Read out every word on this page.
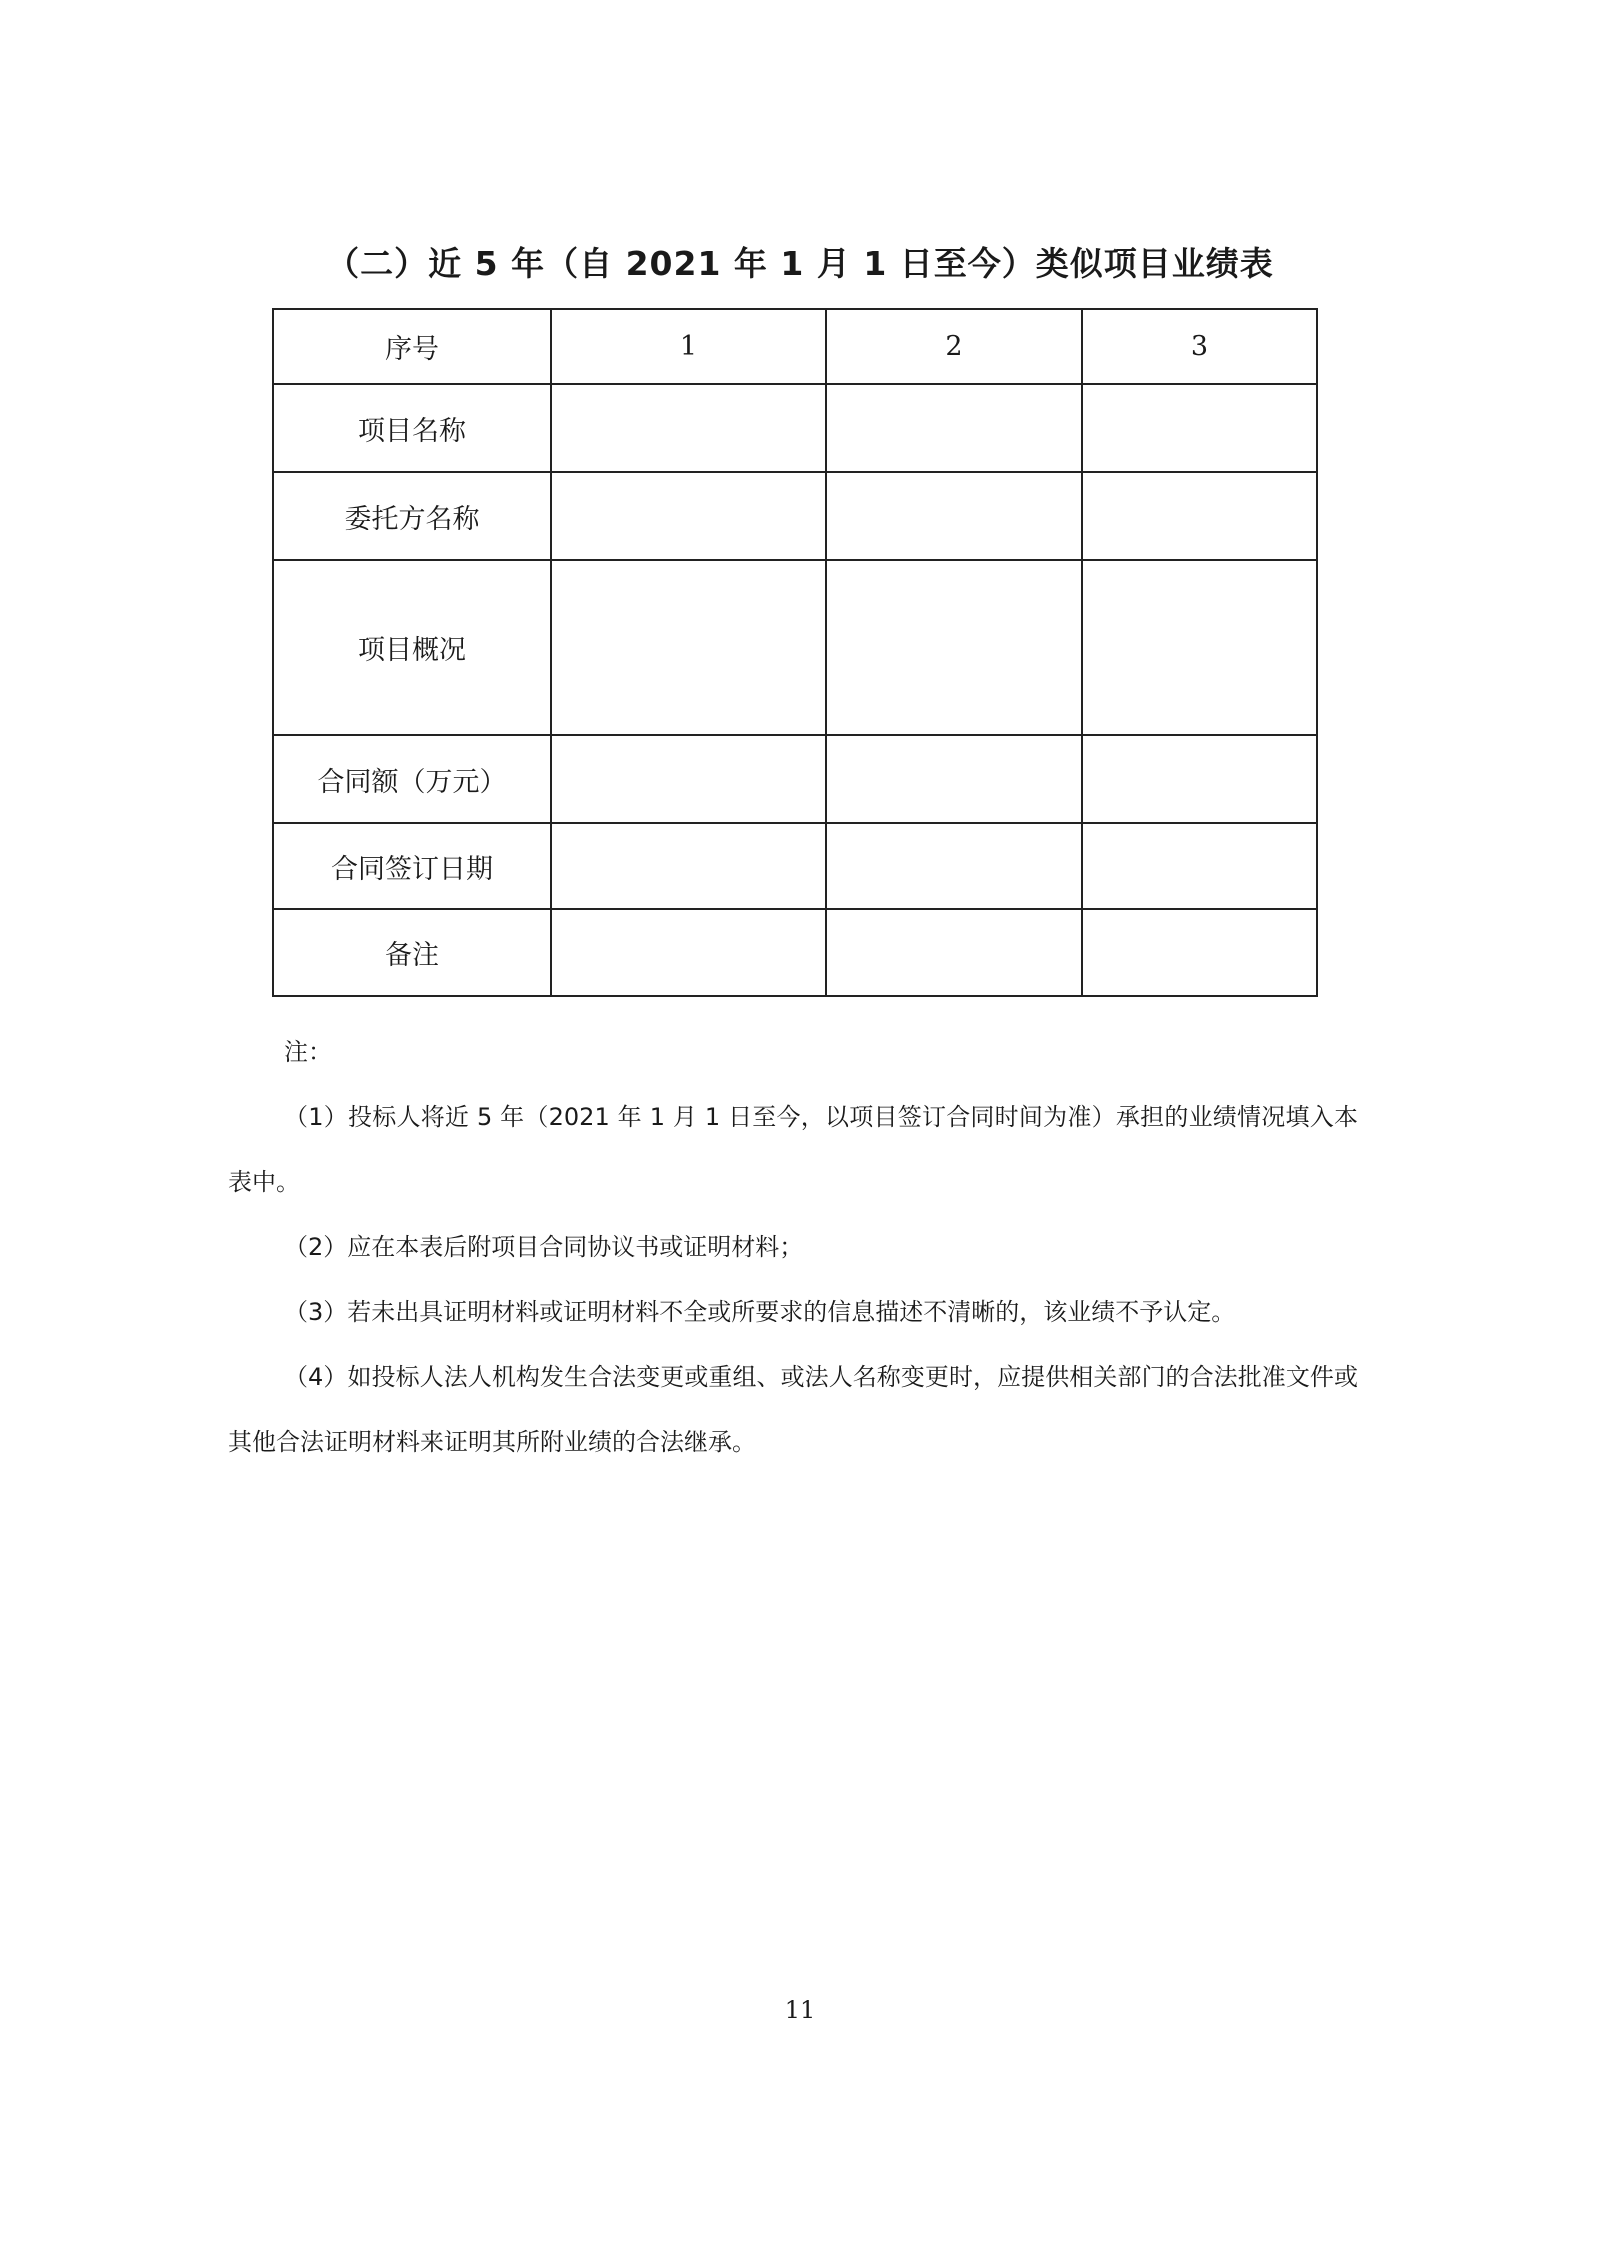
（二）近 5 年（自 2021 年 1 月 1 日至今）类似项目业绩表
序号	1	2	3
项目名称			
委托方名称			
项目概况			
合同额（万元）			
合同签订日期			
备注			
注：

（1）投标人将近 5 年（2021 年 1 月 1 日至今，以项目签订合同时间为准）承担的业绩情况填入本表中。

（2）应在本表后附项目合同协议书或证明材料；

（3）若未出具证明材料或证明材料不全或所要求的信息描述不清晰的，该业绩不予认定。

（4）如投标人法人机构发生合法变更或重组、或法人名称变更时，应提供相关部门的合法批准文件或其他合法证明材料来证明其所附业绩的合法继承。

11
